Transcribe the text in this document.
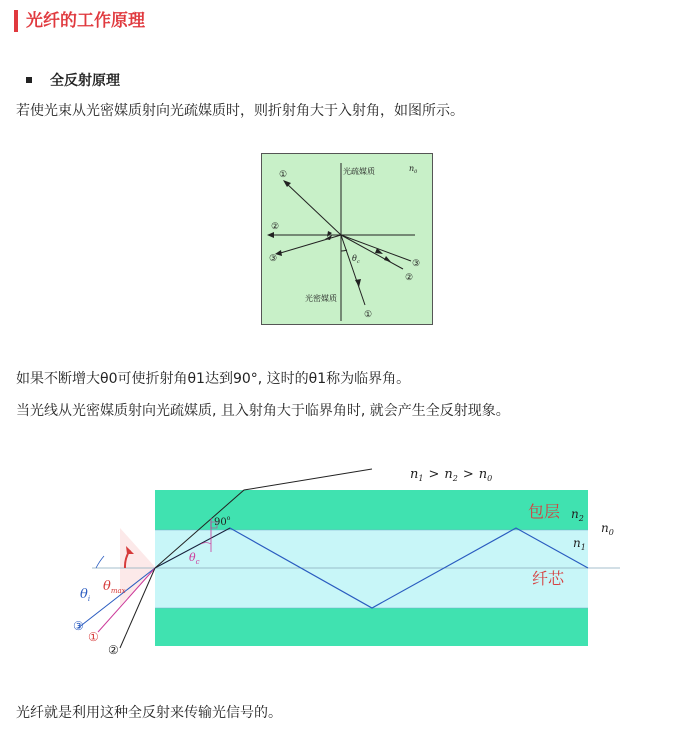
光纤的工作原理
全反射原理
若使光束从光密媒质射向光疏媒质时，则折射角大于入射角，如图所示。
光疏媒质
光密媒质
$n_0$
$\theta_c$
①
②
③	③
②
①
如果不断增大θ0可使折射角θ1达到90°, 这时的θ1称为临界角。
当光线从光密媒质射向光疏媒质, 且入射角大于临界角时, 就会产生全反射现象。
$n_1 > n_2 > n_0$
包层
纤芯
$n_2$
$n_1$
$n_0$
90$^o$
$\theta_c$
$\theta_{max}$
$\theta_i$
③
①
②
光纤就是利用这种全反射来传输光信号的。
